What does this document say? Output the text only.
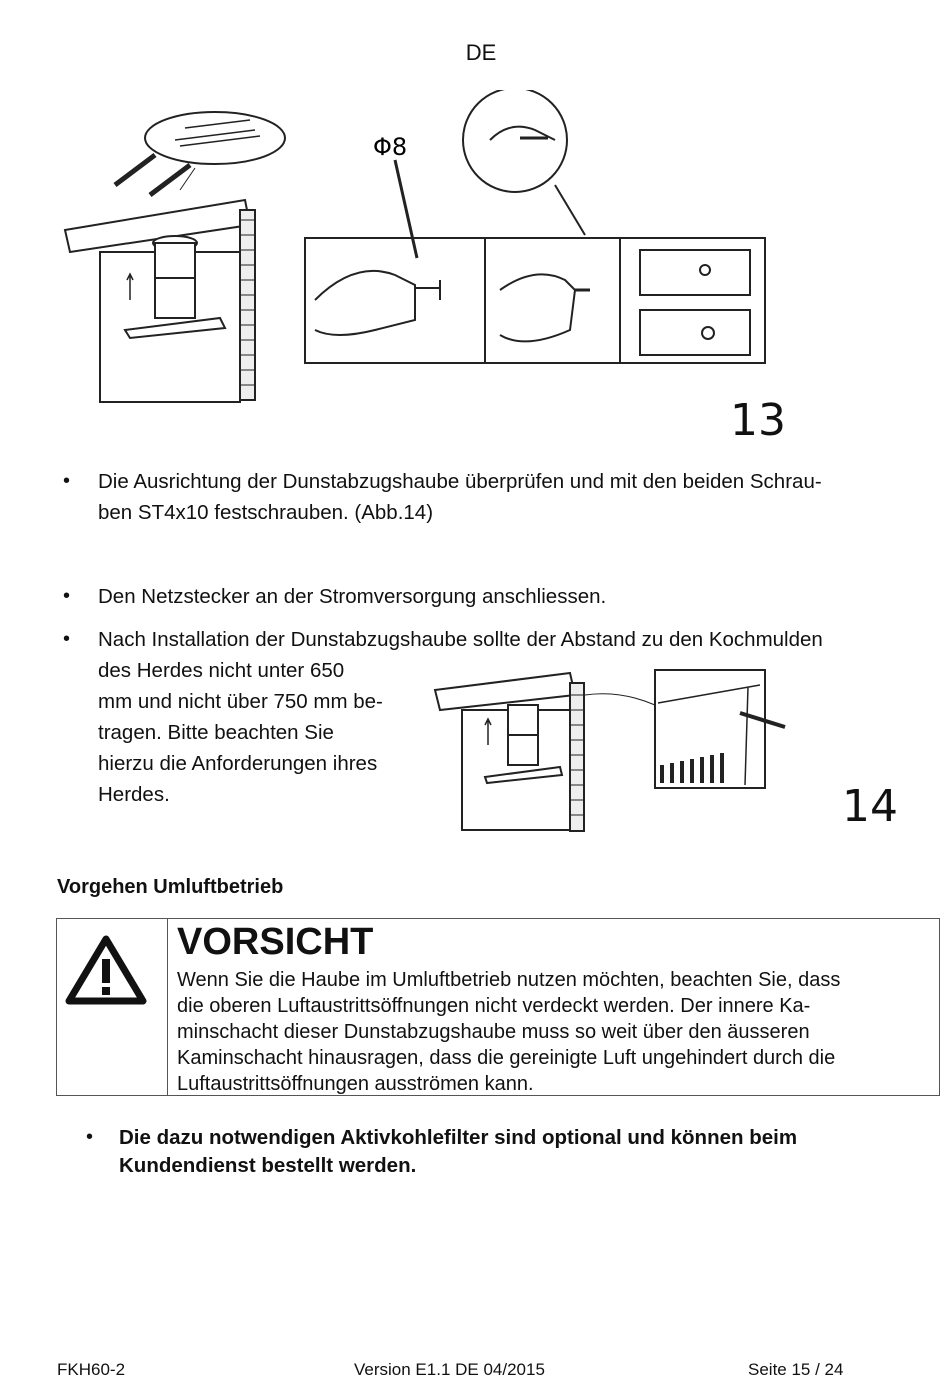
DE
Φ8
13
• Die Ausrichtung der Dunstabzugshaube überprüfen und mit den beiden Schrau-
ben ST4x10 festschrauben. (Abb.14)
• Den Netzstecker an der Stromversorgung anschliessen.
• Nach Installation der Dunstabzugshaube sollte der Abstand zu den Kochmulden
des Herdes nicht unter 650
mm und nicht über 750 mm be-
tragen. Bitte beachten Sie
hierzu die Anforderungen ihres
Herdes.	14
Vorgehen Umluftbetrieb
VORSICHT
Wenn Sie die Haube im Umluftbetrieb nutzen möchten, beachten Sie, dass
die oberen Luftaustrittsöffnungen nicht verdeckt werden. Der innere Ka-
minschacht dieser Dunstabzugshaube muss so weit über den äusseren
Kaminschacht hinausragen, dass die gereinigte Luft ungehindert durch die
Luftaustrittsöffnungen ausströmen kann.
• Die dazu notwendigen Aktivkohlefilter sind optional und können beim
Kundendienst bestellt werden.
FKH60-2	Version E1.1 DE 04/2015	Seite 15 / 24
